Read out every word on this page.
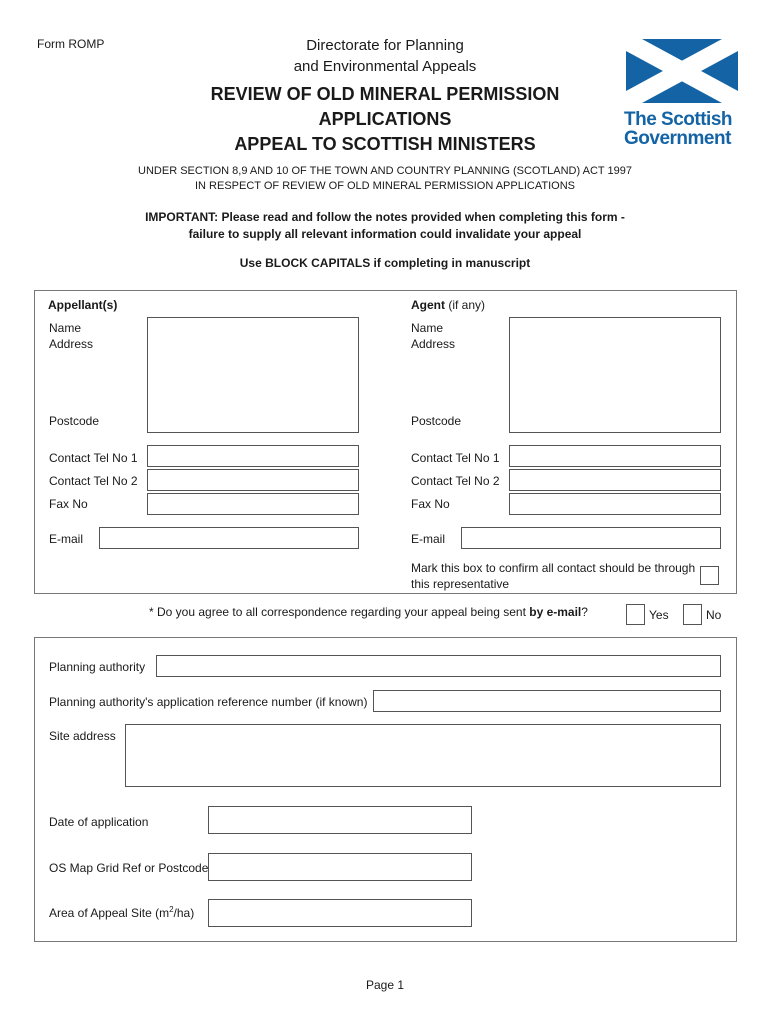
Form ROMP	Directorate for Planning
and Environmental Appeals
REVIEW OF OLD MINERAL PERMISSION
APPLICATIONS
APPEAL TO SCOTTISH MINISTERS
The Scottish
Government
UNDER SECTION 8,9 AND 10 OF THE TOWN AND COUNTRY PLANNING (SCOTLAND) ACT 1997
IN RESPECT OF REVIEW OF OLD MINERAL PERMISSION APPLICATIONS
IMPORTANT: Please read and follow the notes provided when completing this form -
failure to supply all relevant information could invalidate your appeal
Use BLOCK CAPITALS if completing in manuscript
Appellant(s)
Name
Address
Postcode
Contact Tel No 1
Contact Tel No 2
Fax No
E-mail
Agent (if any)
Name
Address
Postcode
Contact Tel No 1
Contact Tel No 2
Fax No
E-mail
Mark this box to confirm all contact should be through
this representative
* Do you agree to all correspondence regarding your appeal being sent by e-mail?	Yes	No
Planning authority
Planning authority's application reference number (if known)
Site address
Date of application
OS Map Grid Ref or Postcode
Area of Appeal Site $(m^2/ha)$
Page 1
